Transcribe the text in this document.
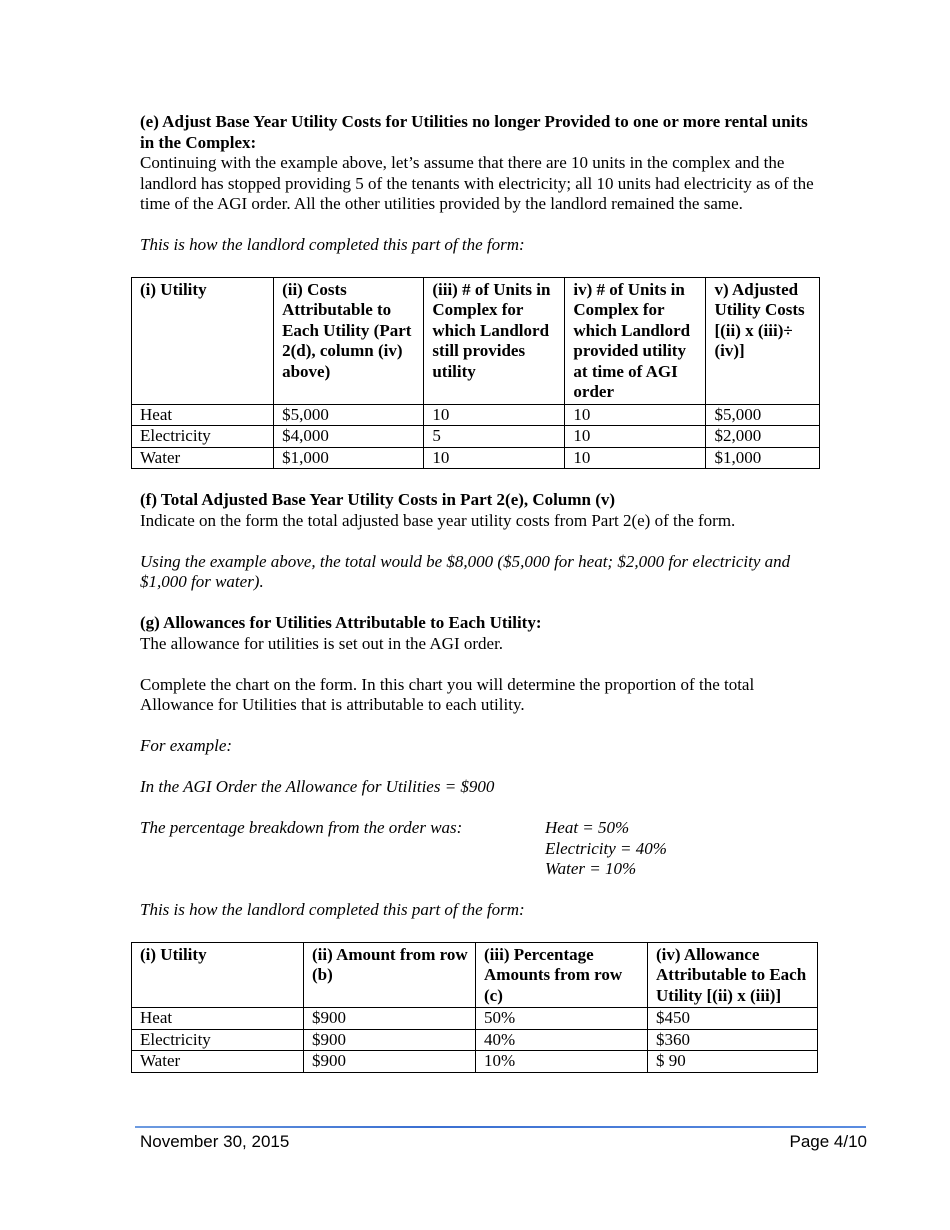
(e) Adjust Base Year Utility Costs for Utilities no longer Provided to one or more rental units in the Complex:

Continuing with the example above, let’s assume that there are 10 units in the complex and the landlord has stopped providing 5 of the tenants with electricity; all 10 units had electricity as of the time of the AGI order. All the other utilities provided by the landlord remained the same.

This is how the landlord completed this part of the form:

(i) Utility	(ii) Costs Attributable to Each Utility (Part 2(d), column (iv) above)	(iii) # of Units in Complex for which Landlord still provides utility	iv) # of Units in Complex for which Landlord provided utility at time of AGI order	v) Adjusted Utility Costs [(ii) x (iii)÷ (iv)]
Heat	$5,000	10	10	$5,000
Electricity	$4,000	5	10	$2,000
Water	$1,000	10	10	$1,000

(f) Total Adjusted Base Year Utility Costs in Part 2(e), Column (v)

Indicate on the form the total adjusted base year utility costs from Part 2(e) of the form.

Using the example above, the total would be $8,000 ($5,000 for heat; $2,000 for electricity and $1,000 for water).

(g) Allowances for Utilities Attributable to Each Utility:

The allowance for utilities is set out in the AGI order.

Complete the chart on the form. In this chart you will determine the proportion of the total Allowance for Utilities that is attributable to each utility.

For example:

In the AGI Order the Allowance for Utilities = $900

The percentage breakdown from the order was:	Heat = 50%
Electricity = 40%
Water = 10%

This is how the landlord completed this part of the form:

(i) Utility	(ii) Amount from row (b)	(iii) Percentage Amounts from row (c)	(iv) Allowance Attributable to Each Utility [(ii) x (iii)]
Heat	$900	50%	$450
Electricity	$900	40%	$360
Water	$900	10%	$ 90
November 30, 2015	Page 4/10
